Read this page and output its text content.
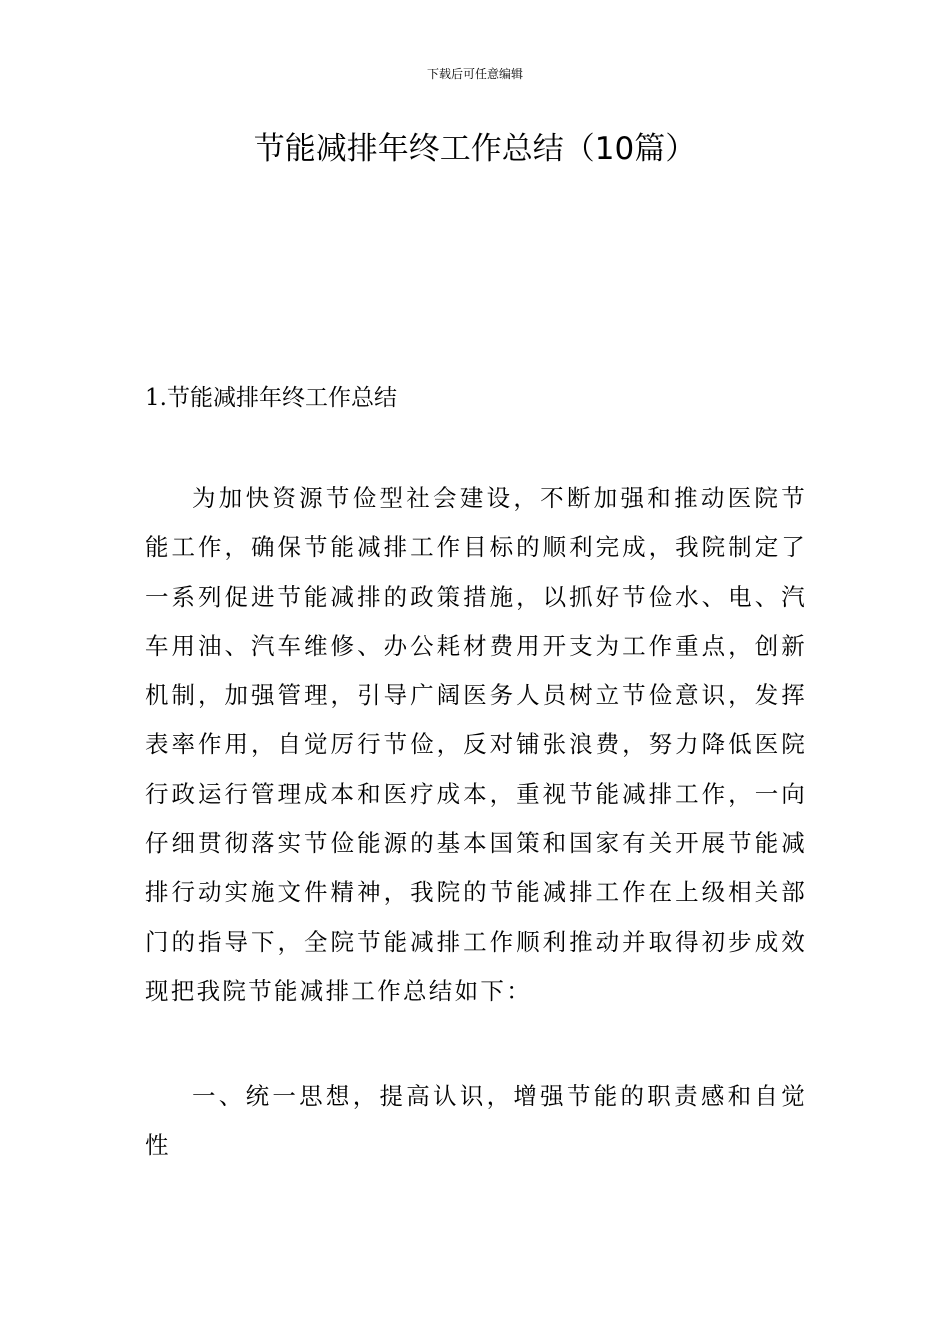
下载后可任意编辑
节能减排年终工作总结（10篇）
1.节能减排年终工作总结

为加快资源节俭型社会建设，不断加强和推动医院节能工作，确保节能减排工作目标的顺利完成，我院制定了一系列促进节能减排的政策措施，以抓好节俭水、电、汽车用油、汽车维修、办公耗材费用开支为工作重点，创新机制，加强管理，引导广阔医务人员树立节俭意识，发挥表率作用，自觉厉行节俭，反对铺张浪费，努力降低医院行政运行管理成本和医疗成本，重视节能减排工作，一向仔细贯彻落实节俭能源的基本国策和国家有关开展节能减排行动实施文件精神，我院的节能减排工作在上级相关部门的指导下，全院节能减排工作顺利推动并取得初步成效现把我院节能减排工作总结如下：

一、统一思想，提高认识，增强节能的职责感和自觉性
